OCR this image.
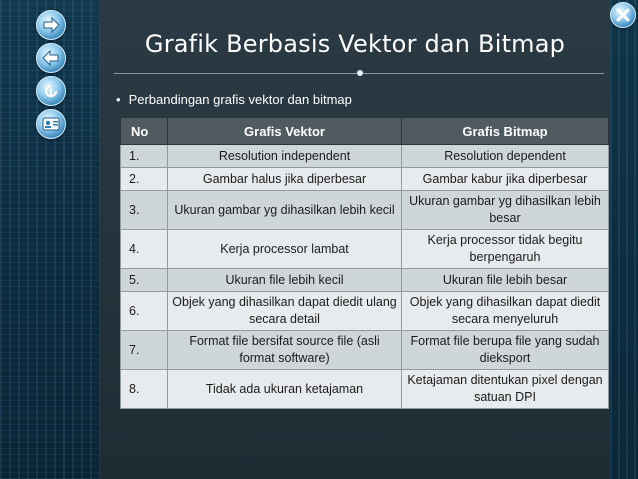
Grafik Berbasis Vektor dan Bitmap
• Perbandingan grafis vektor dan bitmap
No	Grafis Vektor	Grafis Bitmap
1.	Resolution independent	Resolution dependent
2.	Gambar halus jika diperbesar	Gambar kabur jika diperbesar
3.	Ukuran gambar yg dihasilkan lebih kecil	Ukuran gambar yg dihasilkan lebih besar
4.	Kerja processor lambat	Kerja processor tidak begitu berpengaruh
5.	Ukuran file lebih kecil	Ukuran file lebih besar
6.	Objek yang dihasilkan dapat diedit ulang secara detail	Objek yang dihasilkan dapat diedit secara menyeluruh
7.	Format file bersifat source file (asli format software)	Format file berupa file yang sudah dieksport
8.	Tidak ada ukuran ketajaman	Ketajaman ditentukan pixel dengan satuan DPI
